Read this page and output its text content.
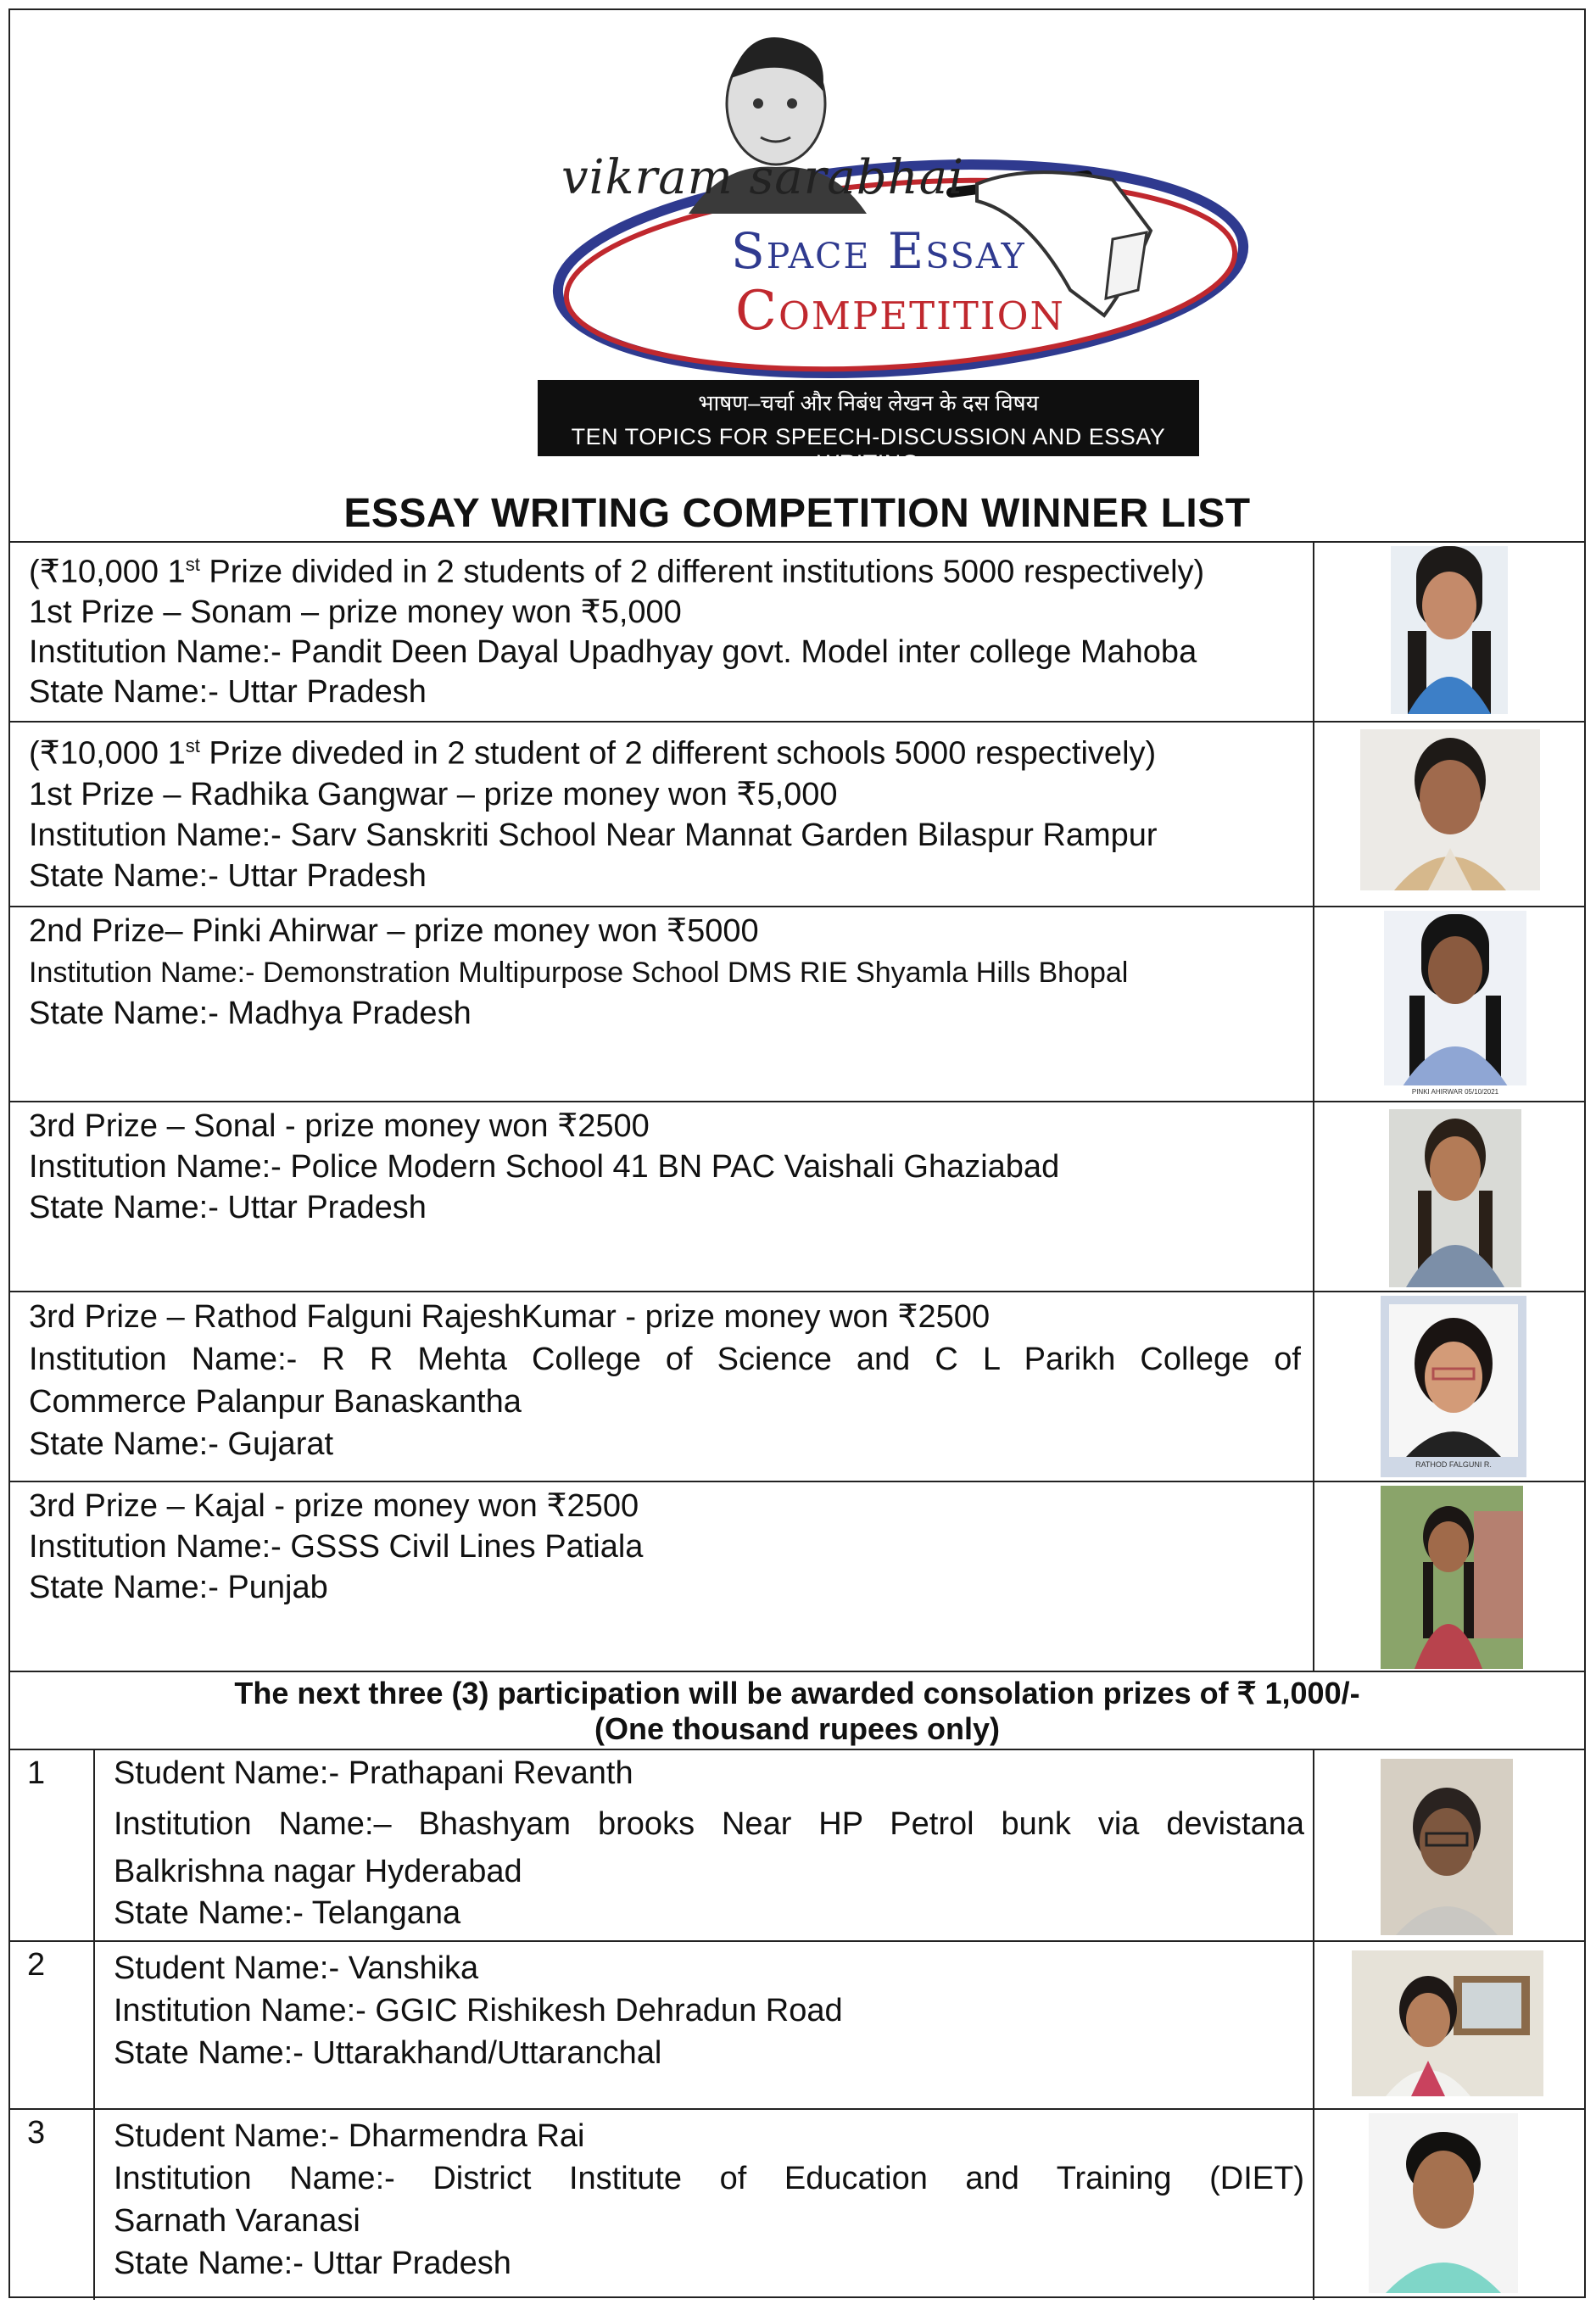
vikram sarabhai
Space Essay
Competition
भाषण–चर्चा और निबंध लेखन के दस विषय
TEN TOPICS FOR SPEECH-DISCUSSION AND ESSAY WRITING
ESSAY WRITING COMPETITION WINNER LIST
(₹10,000 1st Prize divided in 2 students of 2 different institutions 5000 respectively)
1st Prize – Sonam – prize money won ₹5,000
Institution Name:- Pandit Deen Dayal Upadhyay govt. Model inter college Mahoba
State Name:- Uttar Pradesh
(₹10,000 1st Prize diveded in 2 student of 2 different schools 5000 respectively)
1st Prize – Radhika Gangwar – prize money won ₹5,000
Institution Name:- Sarv Sanskriti School Near Mannat Garden Bilaspur Rampur
State Name:- Uttar Pradesh
2nd Prize– Pinki Ahirwar – prize money won ₹5000
Institution Name:- Demonstration Multipurpose School DMS RIE Shyamla Hills Bhopal
State Name:- Madhya Pradesh
PINKI AHIRWAR 05/10/2021
3rd Prize – Sonal - prize money won ₹2500
Institution Name:- Police Modern School 41 BN PAC Vaishali Ghaziabad
State Name:- Uttar Pradesh
3rd Prize – Rathod Falguni RajeshKumar - prize money won ₹2500
Institution Name:- R R Mehta College of Science and C L Parikh College of
Commerce Palanpur Banaskantha
State Name:- Gujarat
RATHOD FALGUNI R.
3rd Prize – Kajal - prize money won ₹2500
Institution Name:- GSSS Civil Lines Patiala
State Name:- Punjab
The next three (3) participation will be awarded consolation prizes of ₹ 1,000/-
(One thousand rupees only)
1 Student Name:- Prathapani Revanth
Institution Name:– Bhashyam brooks Near HP Petrol bunk via devistana
Balkrishna nagar Hyderabad
State Name:- Telangana
2 Student Name:- Vanshika
Institution Name:- GGIC Rishikesh Dehradun Road
State Name:- Uttarakhand/Uttaranchal
3 Student Name:- Dharmendra Rai
Institution Name:- District Institute of Education and Training (DIET)
Sarnath Varanasi
State Name:- Uttar Pradesh
